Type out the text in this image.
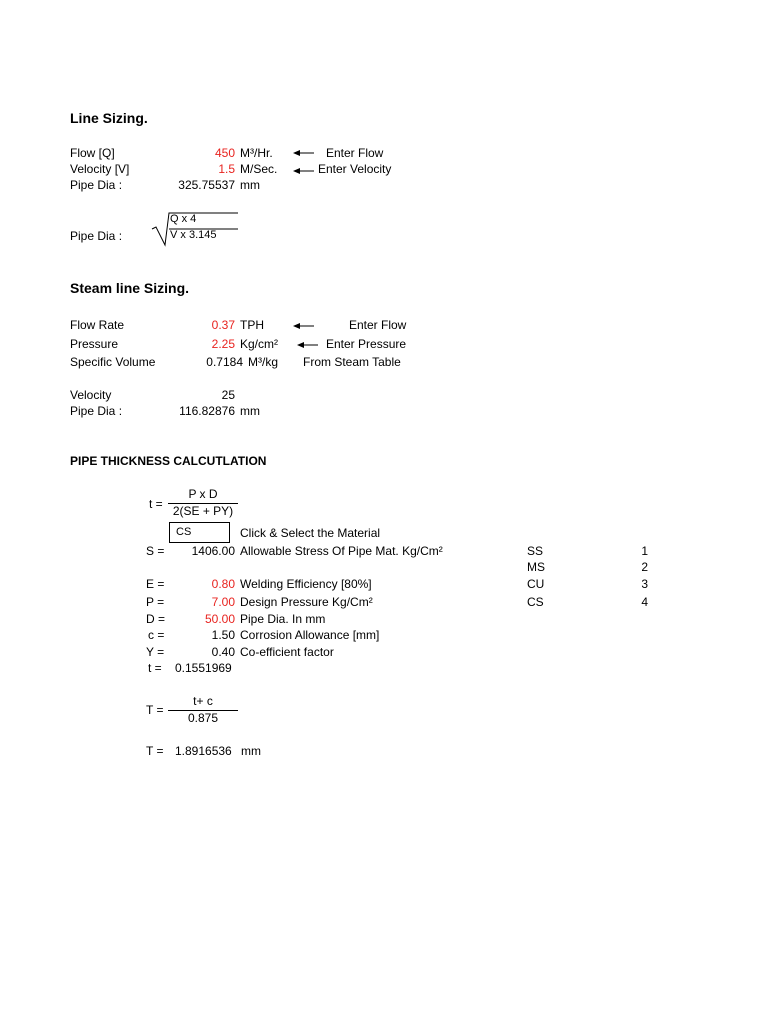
Line Sizing.
Flow [Q]	450 M³/Hr.	Enter Flow
Velocity [V]	1.5 M/Sec.	Enter Velocity
Pipe Dia :	325.75537 mm
Pipe Dia :
Q x 4
V x 3.145
Steam line Sizing.
Flow Rate	0.37 TPH	Enter Flow
Pressure	2.25 Kg/cm²	Enter Pressure
Specific Volume	0.7184 M³/kg From Steam Table
Velocity	25
Pipe Dia :	116.82876 mm
PIPE THICKNESS CALCUTLATION
t =
P x D
2(SE + PY)
CS	Click & Select the Material
S =	1406.00 Allowable Stress Of Pipe Mat. Kg/Cm²
E =	0.80 Welding Efficiency [80%]
P =	7.00 Design Pressure Kg/Cm²
D =	50.00 Pipe Dia. In mm
c =	1.50 Corrosion Allowance [mm]
Y =	0.40 Co-efficient factor
t = 0.1551969
SS	1
MS	2
CU	3
CS	4
T =
t+ c
0.875
T = 1.8916536 mm
